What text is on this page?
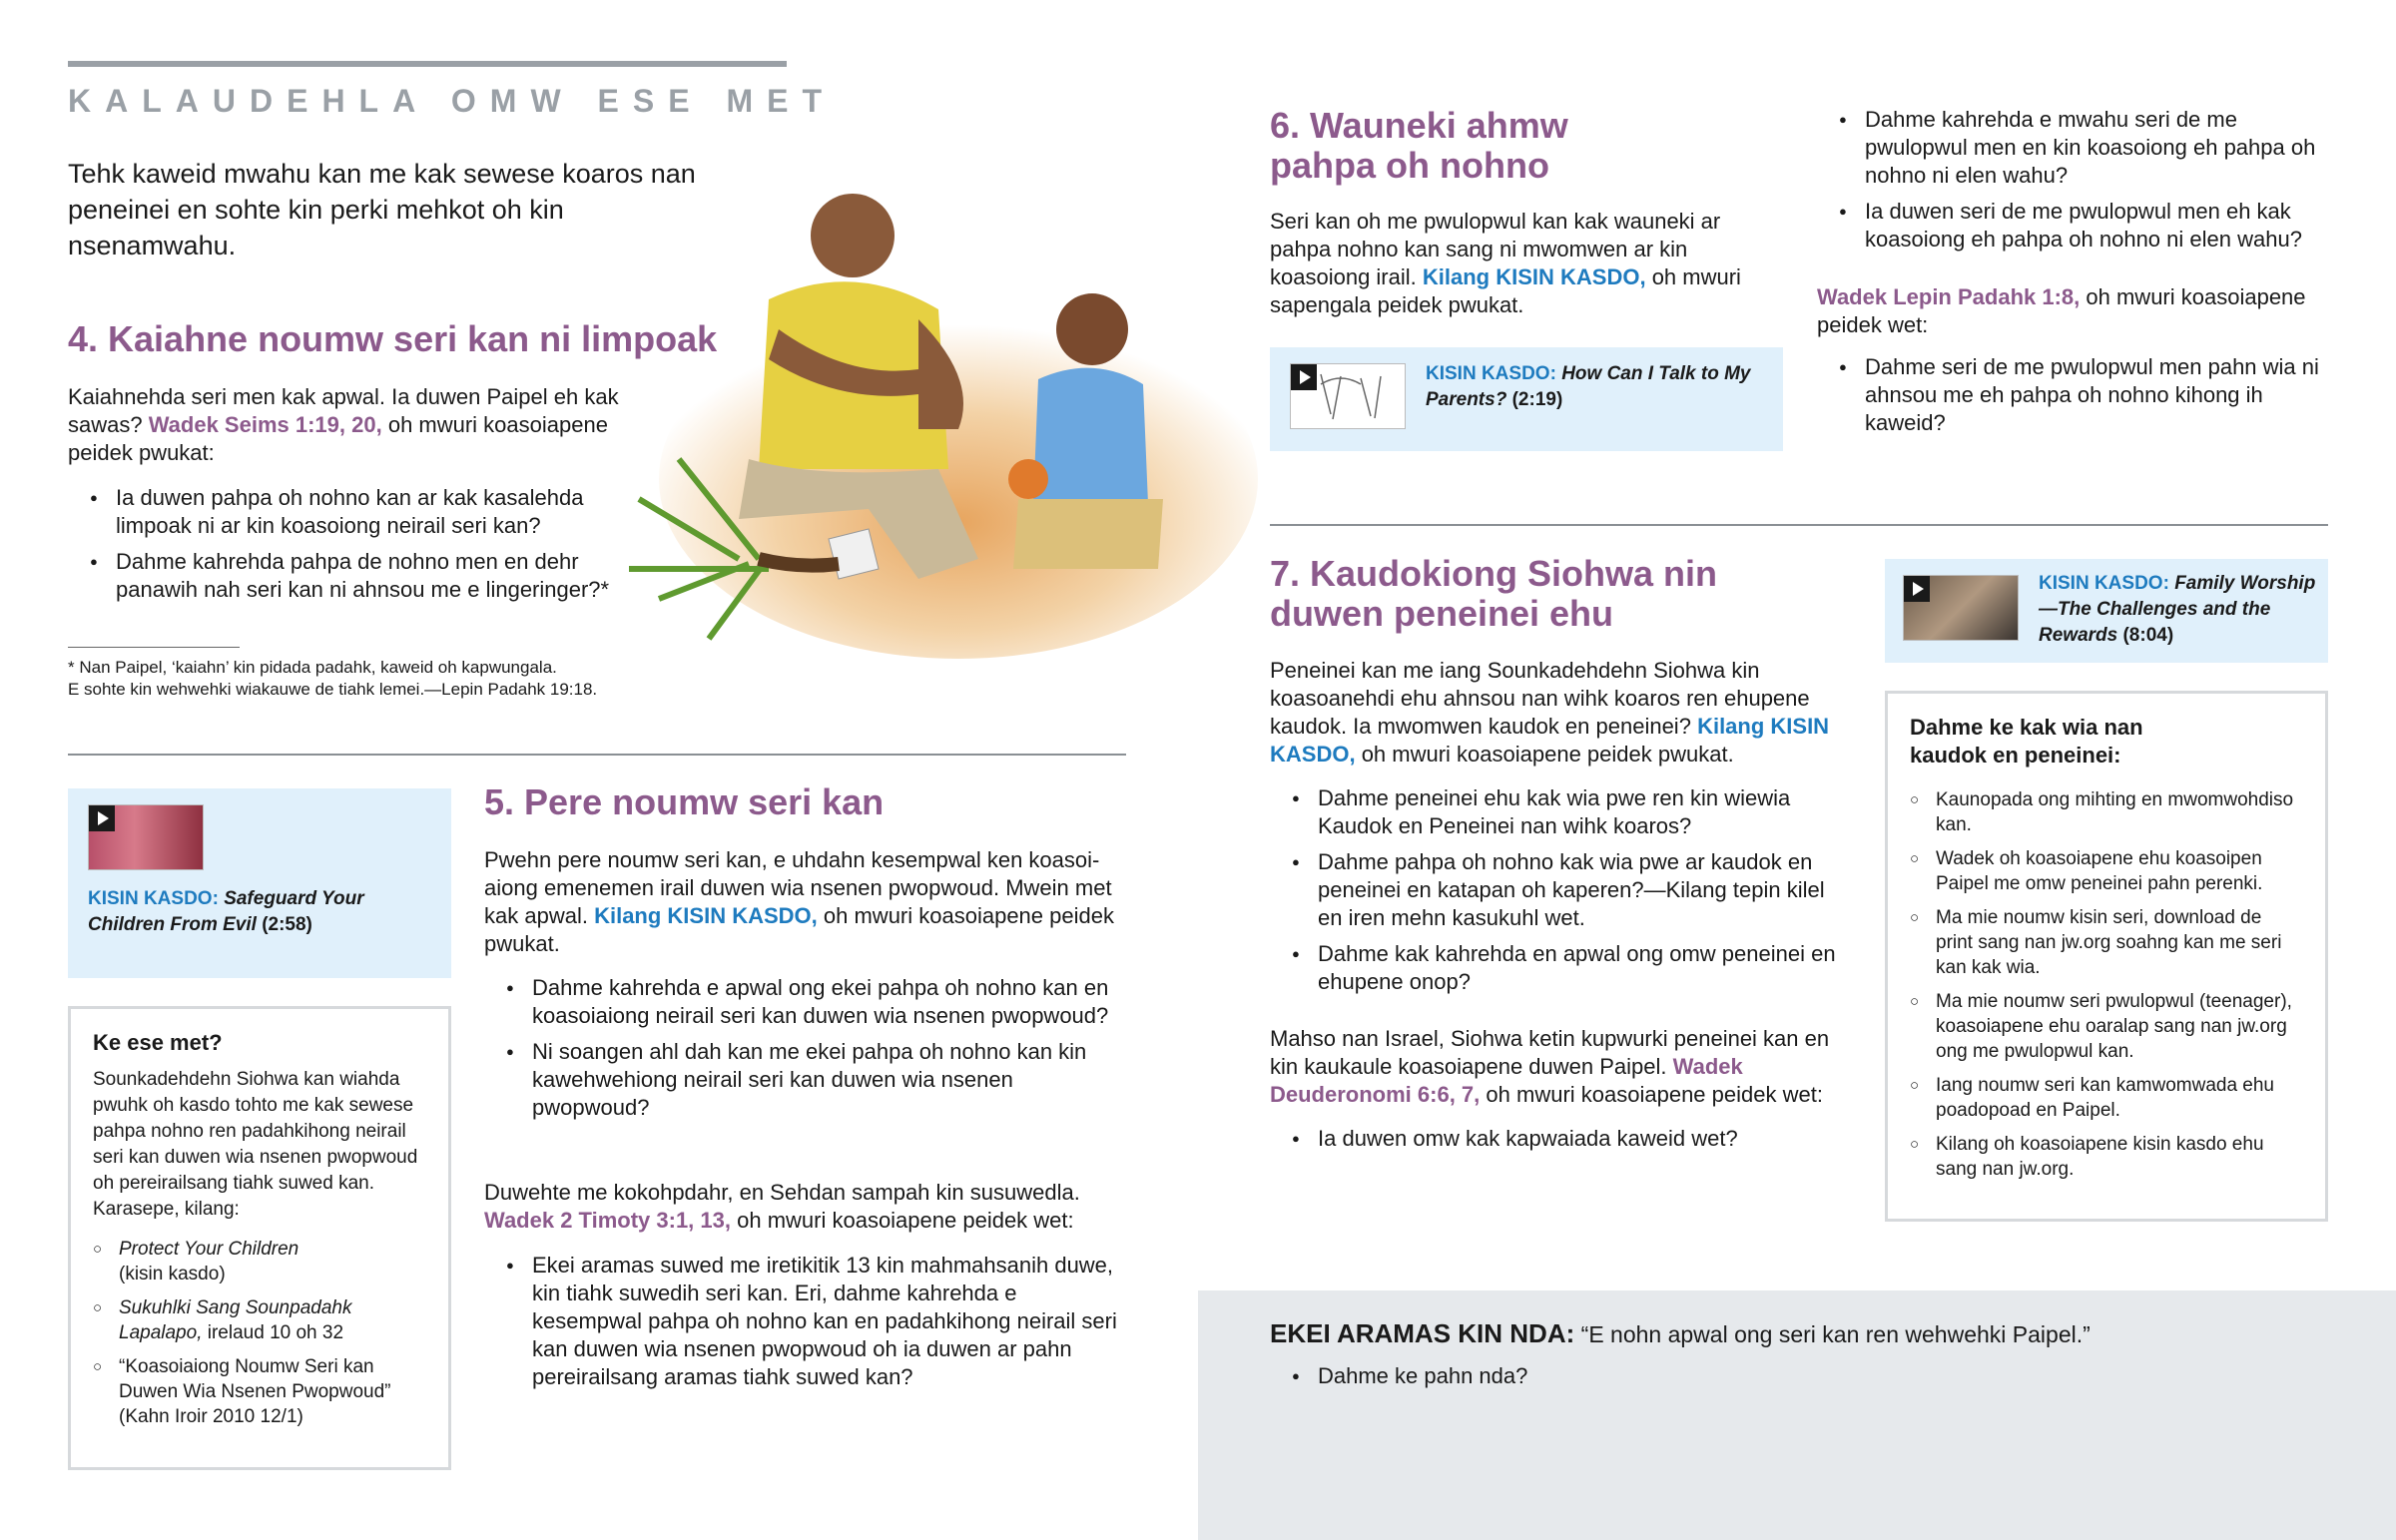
KALAUDEHLA OMW ESE MET
Tehk kaweid mwahu kan me kak sewese koaros nan peneinei en sohte kin perki mehkot oh kin nsenamwahu.
4. Kaiahne noumw seri kan ni limpoak
Kaiahnehda seri men kak apwal. Ia duwen Paipel eh kak sawas? Wadek Seims 1:19, 20, oh mwuri koasoiapene peidek pwukat:
● Ia duwen pahpa oh nohno kan ar kak kasalehda limpoak ni ar kin koasoiong neirail seri kan?
● Dahme kahrehda pahpa de nohno men en dehr panawih nah seri kan ni ahnsou me e lingeringer?*
* Nan Paipel, ‘kaiahn’ kin pidada padahk, kaweid oh kapwungala.
E sohte kin wehwehki wiakauwe de tiahk lemei.—Lepin Padahk 19:18.
KISIN KASDO: Safeguard Your Children From Evil (2:58)
Ke ese met?
Sounkadehdehn Siohwa kan wiahda pwuhk oh kasdo tohto me kak sewese pahpa nohno ren padahkihong neirail seri kan duwen wia nsenen pwopwoud oh pereirailsang tiahk suwed kan. Karasepe, kilang:
○ Protect Your Children
(kisin kasdo)
○ Sukuhlki Sang Sounpadahk Lapalapo, irelaud 10 oh 32
○ “Koasoiaiong Noumw Seri kan Duwen Wia Nsenen Pwopwoud”
(Kahn Iroir 2010 12/1)
5. Pere noumw seri kan
Pwehn pere noumw seri kan, e uhdahn kesempwal ken koasoiaiong emenemen irail duwen wia nsenen pwopwoud. Mwein met kak apwal. Kilang KISIN KASDO, oh mwuri koasoiapene peidek pwukat.
● Dahme kahrehda e apwal ong ekei pahpa oh nohno kan en koasoiaiong neirail seri kan duwen wia nsenen pwopwoud?
● Ni soangen ahl dah kan me ekei pahpa oh nohno kan kin kawehwehiong neirail seri kan duwen wia nsenen pwopwoud?
Duwehte me kokohpdahr, en Sehdan sampah kin susuwedla. Wadek 2 Timoty 3:1, 13, oh mwuri koasoiapene peidek wet:
● Ekei aramas suwed me iretikitik 13 kin mahmahsanih duwe, kin tiahk suwedih seri kan. Eri, dahme kahrehda e kesempwal pahpa oh nohno kan en padahkihong neirail seri kan duwen wia nsenen pwopwoud oh ia duwen ar pahn pereirailsang aramas tiahk suwed kan?
6. Wauneki ahmw
pahpa oh nohno
Seri kan oh me pwulopwul kan kak wauneki ar pahpa nohno kan sang ni mwomwen ar kin koasoiong irail. Kilang KISIN KASDO, oh mwuri sapengala peidek pwukat.
KISIN KASDO: How Can I Talk to My Parents? (2:19)
● Dahme kahrehda e mwahu seri de me pwulopwul men en kin koasoiong eh pahpa oh nohno ni elen wahu?
● Ia duwen seri de me pwulopwul men eh kak koasoiong eh pahpa oh nohno ni elen wahu?
Wadek Lepin Padahk 1:8, oh mwuri koasoiapene peidek wet:
● Dahme seri de me pwulopwul men pahn wia ni ahnsou me eh pahpa oh nohno kihong ih kaweid?
7. Kaudokiong Siohwa nin
duwen peneinei ehu
Peneinei kan me iang Sounkadehdehn Siohwa kin koasoanehdi ehu ahnsou nan wihk koaros ren ehupene kaudok. Ia mwomwen kaudok en peneinei? Kilang KISIN KASDO, oh mwuri koasoiapene peidek pwukat.
● Dahme peneinei ehu kak wia pwe ren kin wiewia Kaudok en Peneinei nan wihk koaros?
● Dahme pahpa oh nohno kak wia pwe ar kaudok en peneinei en katapan oh kaperen?—Kilang tepin kilel en iren mehn kasukuhl wet.
● Dahme kak kahrehda en apwal ong omw peneinei en ehupene onop?
Mahso nan Israel, Siohwa ketin kupwurki peneinei kan en kin kaukaule koasoiapene duwen Paipel. Wadek Deuderonomi 6:6, 7, oh mwuri koasoiapene peidek wet:
● Ia duwen omw kak kapwaiada kaweid wet?
KISIN KASDO: Family Worship—The Challenges and the Rewards (8:04)
Dahme ke kak wia nan kaudok en peneinei:
○ Kaunopada ong mihting en mwomwohdiso kan.
○ Wadek oh koasoiapene ehu koasoipen Paipel me omw peneinei pahn perenki.
○ Ma mie noumw kisin seri, download de print sang nan jw.org soahng kan me seri kan kak wia.
○ Ma mie noumw seri pwulopwul (teenager), koasoiapene ehu oaralap sang nan jw.org ong me pwulopwul kan.
○ Iang noumw seri kan kamwomwada ehu poadopoad en Paipel.
○ Kilang oh koasoiapene kisin kasdo ehu sang nan jw.org.
EKEI ARAMAS KIN NDA: “E nohn apwal ong seri kan ren wehwehki Paipel.”
● Dahme ke pahn nda?
